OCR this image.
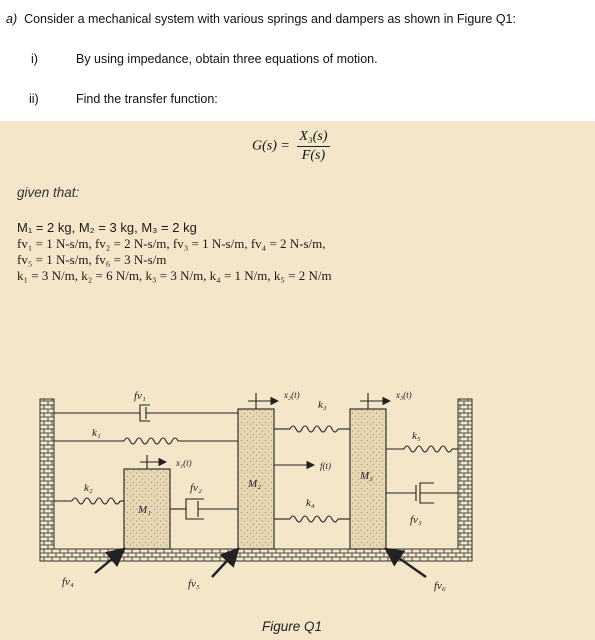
a) Consider a mechanical system with various springs and dampers as shown in Figure Q1:
i)	By using impedance, obtain three equations of motion.
ii)	Find the transfer function:
fv₁
k₁
k₂
x₁(t)
fv₂
M₁
M₂
M₃
x₂(t)
k₃
x₃(t)
f(t)
k₄
k₅
fv₃
fv₄	fv₅	fv₆
$G(s) = \frac{\text{X₃(s)}}{F(s)}$
given that:
M₁ = 2 kg, M₂ = 3 kg, M₃ = 2 kg
fv₁ = 1 N-s/m, fv₂ = 2 N-s/m, fv₃ = 1 N-s/m, fv₄ = 2 N-s/m,
fv₅ = 1 N-s/m, fv₆ = 3 N-s/m
k₁ = 3 N/m, k₂ = 6 N/m, k₃ = 3 N/m, k₄ = 1 N/m, k₅ = 2 N/m
Figure Q1
